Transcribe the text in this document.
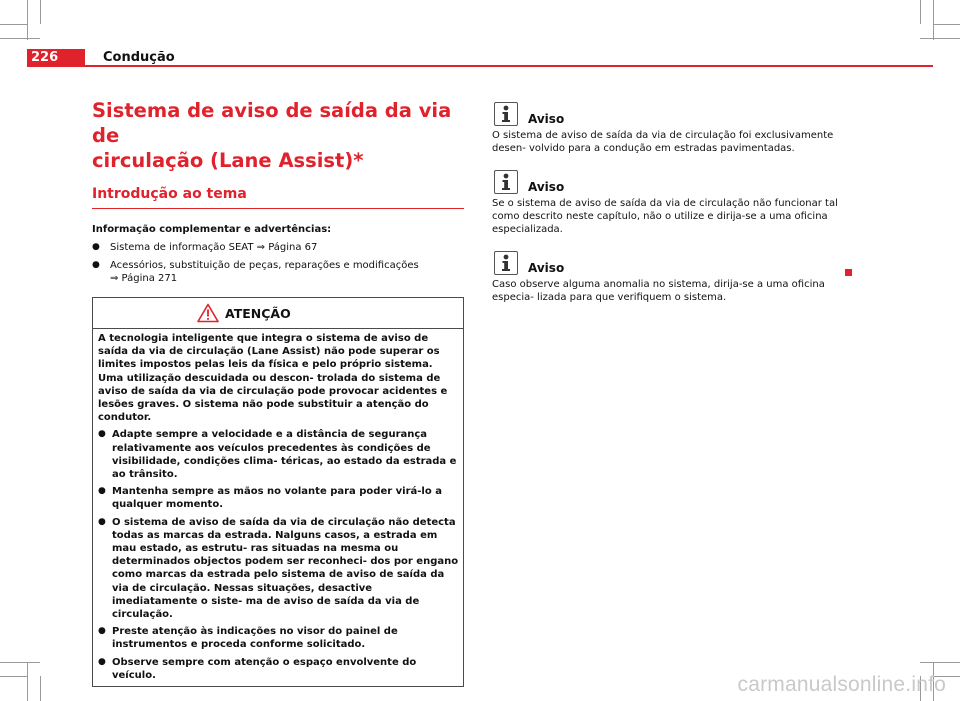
226	Condução
Sistema de aviso de saída da via de
circulação (Lane Assist)*
Introdução ao tema
Informação complementar e advertências:
●	Sistema de informação SEAT ⇒ Página 67
●	Acessórios, substituição de peças, reparações e modificações
⇒ Página 271
ATENÇÃO

A tecnologia inteligente que integra o sistema de aviso de saída da via de circulação (Lane Assist) não pode superar os limites impostos pelas leis da física e pelo próprio sistema. Uma utilização descuidada ou descon- trolada do sistema de aviso de saída da via de circulação pode provocar acidentes e lesões graves. O sistema não pode substituir a atenção do condutor.

● Adapte sempre a velocidade e a distância de segurança relativamente aos veículos precedentes às condições de visibilidade, condições clima- téricas, ao estado da estrada e ao trânsito.
● Mantenha sempre as mãos no volante para poder virá-lo a qualquer momento.
● O sistema de aviso de saída da via de circulação não detecta todas as marcas da estrada. Nalguns casos, a estrada em mau estado, as estrutu- ras situadas na mesma ou determinados objectos podem ser reconheci- dos por engano como marcas da estrada pelo sistema de aviso de saída da via de circulação. Nessas situações, desactive imediatamente o siste- ma de aviso de saída da via de circulação.
● Preste atenção às indicações no visor do painel de instrumentos e proceda conforme solicitado.
● Observe sempre com atenção o espaço envolvente do veículo.
Aviso
O sistema de aviso de saída da via de circulação foi exclusivamente desen- volvido para a condução em estradas pavimentadas.
Aviso
Se o sistema de aviso de saída da via de circulação não funcionar tal como descrito neste capítulo, não o utilize e dirija-se a uma oficina especializada.
Aviso
Caso observe alguma anomalia no sistema, dirija-se a uma oficina especia- lizada para que verifiquem o sistema.
carmanualsonline.info
